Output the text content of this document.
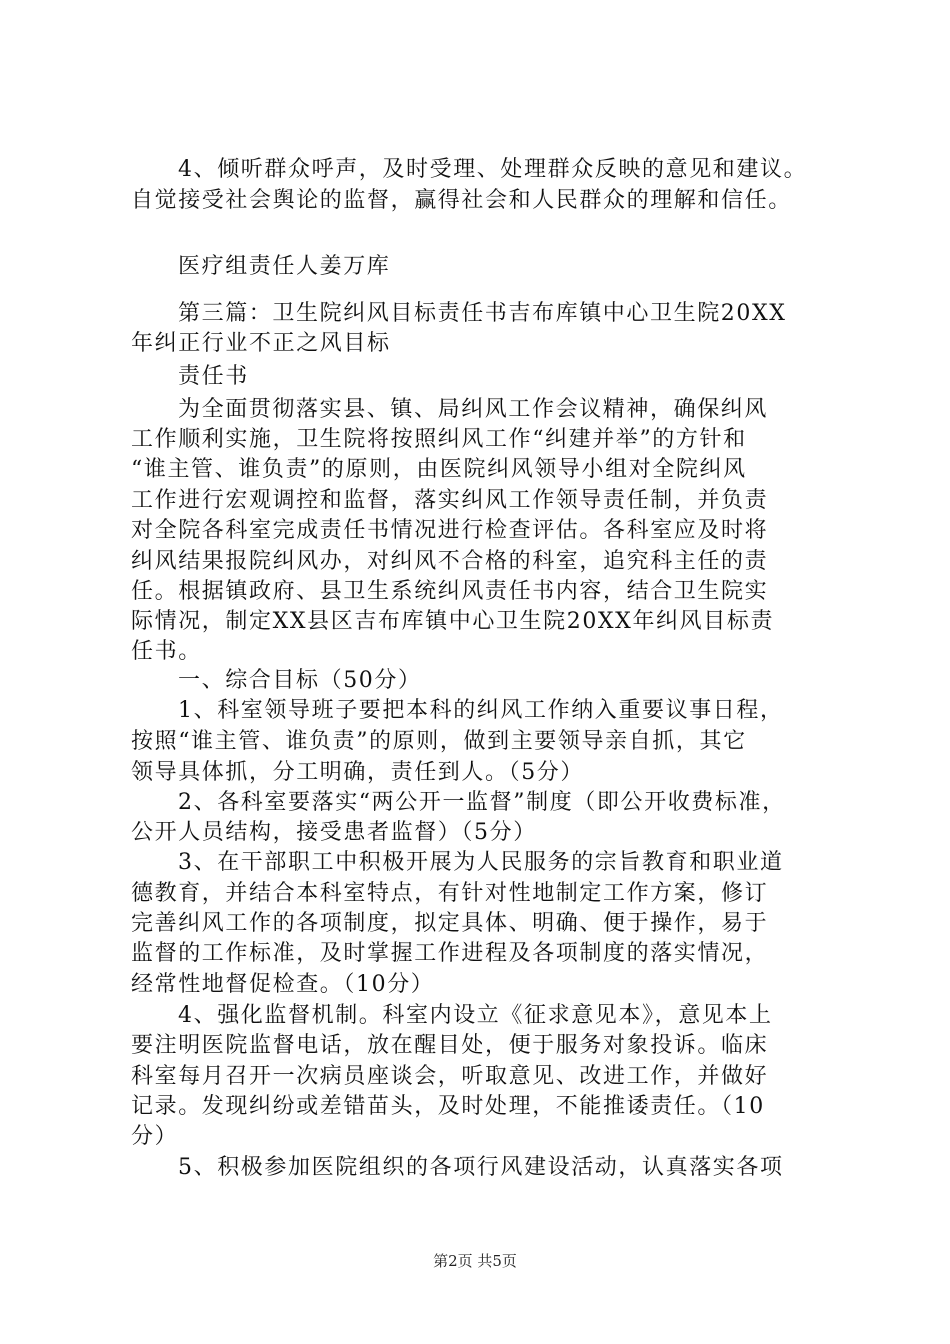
4、倾听群众呼声，及时受理、处理群众反映的意见和建议。
自觉接受社会舆论的监督，赢得社会和人民群众的理解和信任。
医疗组责任人姜万库
第三篇：卫生院纠风目标责任书吉布库镇中心卫生院20XX
年纠正行业不正之风目标
责任书
为全面贯彻落实县、镇、局纠风工作会议精神，确保纠风
工作顺利实施，卫生院将按照纠风工作“纠建并举”的方针和
“谁主管、谁负责”的原则，由医院纠风领导小组对全院纠风
工作进行宏观调控和监督，落实纠风工作领导责任制，并负责
对全院各科室完成责任书情况进行检查评估。各科室应及时将
纠风结果报院纠风办，对纠风不合格的科室，追究科主任的责
任。根据镇政府、县卫生系统纠风责任书内容，结合卫生院实
际情况，制定XX县区吉布库镇中心卫生院20XX年纠风目标责
任书。
一、综合目标（50分）
1、科室领导班子要把本科的纠风工作纳入重要议事日程，
按照“谁主管、谁负责”的原则，做到主要领导亲自抓，其它
领导具体抓，分工明确，责任到人。（5分）
2、各科室要落实“两公开一监督”制度（即公开收费标准，
公开人员结构，接受患者监督）（5分）
3、在干部职工中积极开展为人民服务的宗旨教育和职业道
德教育，并结合本科室特点，有针对性地制定工作方案，修订
完善纠风工作的各项制度，拟定具体、明确、便于操作，易于
监督的工作标准，及时掌握工作进程及各项制度的落实情况，
经常性地督促检查。（10分）
4、强化监督机制。科室内设立《征求意见本》，意见本上
要注明医院监督电话，放在醒目处，便于服务对象投诉。临床
科室每月召开一次病员座谈会，听取意见、改进工作，并做好
记录。发现纠纷或差错苗头，及时处理，不能推诿责任。（10
分）
5、积极参加医院组织的各项行风建设活动，认真落实各项
第2页 共5页
